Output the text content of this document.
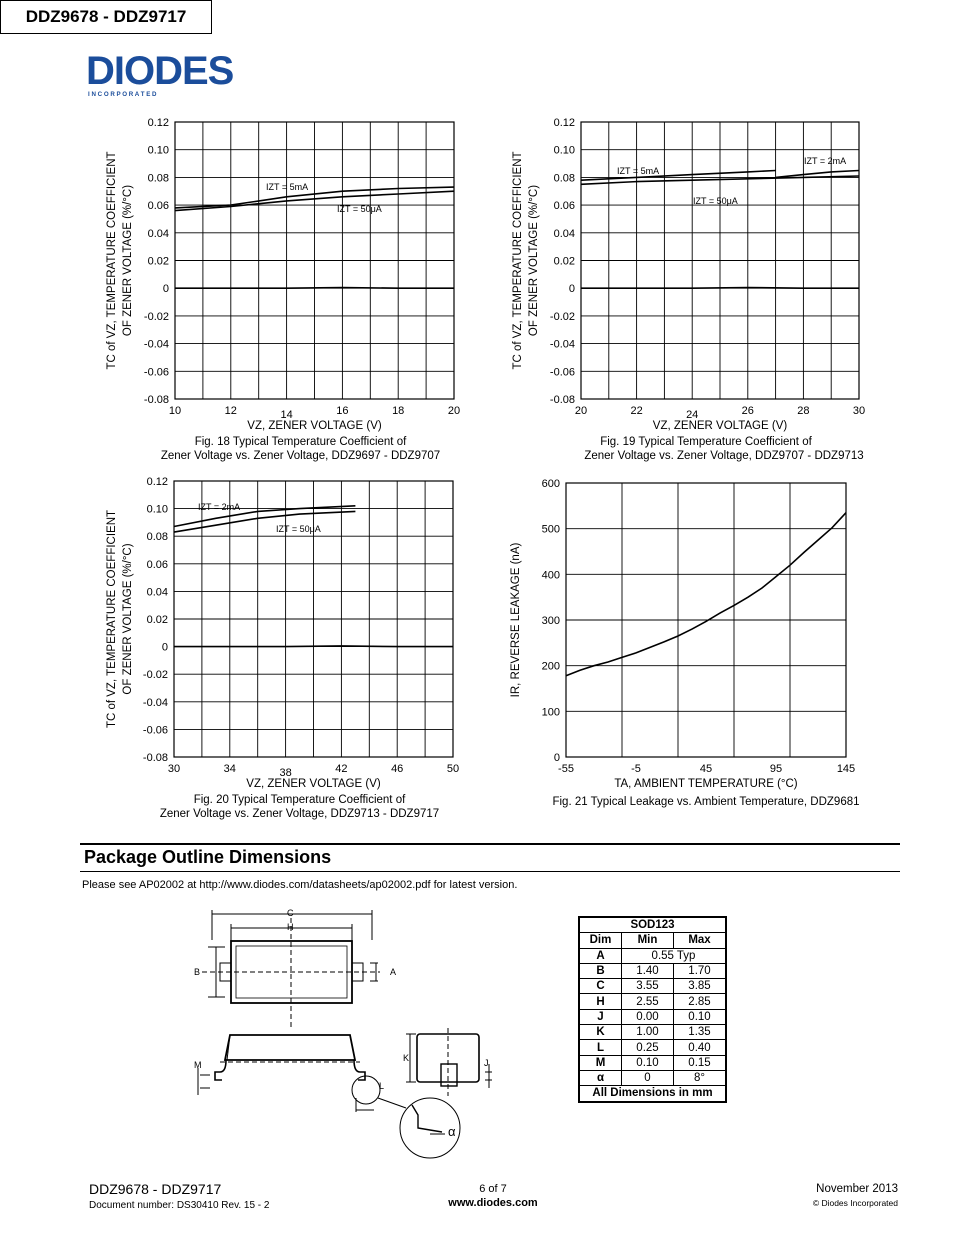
DIODES
I N C O R P O R A T E D
DDZ9678 - DDZ9717
0.12
0.10
0.08
0.06
0.04
0.02
0
-0.02
-0.04
-0.06
-0.08
10	12	14	16	18	20
VZ, ZENER VOLTAGE (V)
Fig. 18 Typical Temperature Coefficient of
Zener Voltage vs. Zener Voltage, DDZ9697 - DDZ9707
TC of VZ, TEMPERATURE COEFFICIENT OF ZENER VOLTAGE (%/°C)
0.12
0.10
0.08
0.06
0.04
0.02
0
-0.02
-0.04
-0.06
-0.08
20	22	24	26	28	30
VZ, ZENER VOLTAGE (V)
Fig. 19 Typical Temperature Coefficient of
Zener Voltage vs. Zener Voltage, DDZ9707 - DDZ9713
TC of VZ, TEMPERATURE COEFFICIENT OF ZENER VOLTAGE (%/°C)
0.12
0.10
0.08
0.06
0.04
0.02
0
-0.02
-0.04
-0.06
-0.08
30	34	38	42	46	50
VZ, ZENER VOLTAGE (V)
Fig. 20 Typical Temperature Coefficient of
Zener Voltage vs. Zener Voltage, DDZ9713 - DDZ9717
TC of VZ, TEMPERATURE COEFFICIENT OF ZENER VOLTAGE (%/°C)
600
500
400
300
200
100
0
-55	-5	45	95	145
TA, AMBIENT TEMPERATURE (°C)
Fig. 21 Typical Leakage vs. Ambient Temperature, DDZ9681
IR, REVERSE LEAKAGE (nA)
IZT = 5mA
IZT = 50μA
IZT = 5mA
IZT = 2mA
IZT = 50μA
IZT = 2mA
IZT = 50μA
Package Outline Dimensions
Please see AP02002 at http://www.diodes.com/datasheets/ap02002.pdf for latest version.
C
H
B	A
M
L
K	J
α
SOD123		
Dim	Min	Max
A	0.55 Typ	
B	1.40	1.70
C	3.55	3.85
H	2.55	2.85
J	0.00	0.10
K	1.00	1.35
L	0.25	0.40
M	0.10	0.15
α	0	8°
All Dimensions in mm		
DDZ9678 - DDZ9717
Document number: DS30410 Rev. 15 - 2
6 of 7
www.diodes.com
November 2013
© Diodes Incorporated
